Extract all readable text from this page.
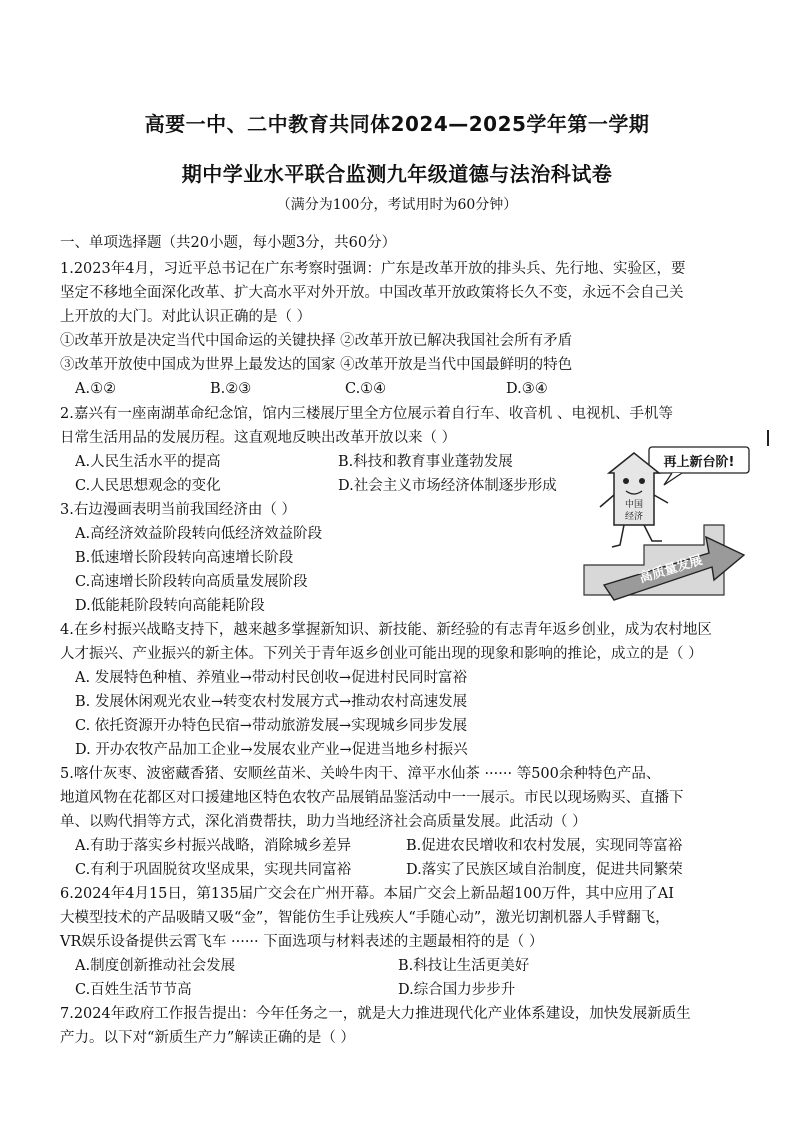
高要一中、二中教育共同体2024—2025学年第一学期
期中学业水平联合监测九年级道德与法治科试卷
（满分为100分，考试用时为60分钟）
一、单项选择题（共20小题，每小题3分，共60分）
1.2023年4月，习近平总书记在广东考察时强调：广东是改革开放的排头兵、先行地、实验区，要
坚定不移地全面深化改革、扩大高水平对外开放。中国改革开放政策将长久不变，永远不会自己关
上开放的大门。对此认识正确的是（ ）
①改革开放是决定当代中国命运的关键抉择 ②改革开放已解决我国社会所有矛盾
③改革开放使中国成为世界上最发达的国家 ④改革开放是当代中国最鲜明的特色
A.①②	B.②③	C.①④	D.③④
2.嘉兴有一座南湖革命纪念馆，馆内三楼展厅里全方位展示着自行车、收音机 、电视机、手机等
日常生活用品的发展历程。这直观地反映出改革开放以来（ ）
A.人民生活水平的提高	B.科技和教育事业蓬勃发展
C.人民思想观念的变化	D.社会主义市场经济体制逐步形成
3.右边漫画表明当前我国经济由（ ）
A.高经济效益阶段转向低经济效益阶段
B.低速增长阶段转向高速增长阶段
C.高速增长阶段转向高质量发展阶段
D.低能耗阶段转向高能耗阶段
再上新台阶!
高质量发展
中国
经济
4.在乡村振兴战略支持下，越来越多掌握新知识、新技能、新经验的有志青年返乡创业，成为农村地区
人才振兴、产业振兴的新主体。下列关于青年返乡创业可能出现的现象和影响的推论，成立的是（ ）
A. 发展特色种植、养殖业→带动村民创收→促进村民同时富裕
B. 发展休闲观光农业→转变农村发展方式→推动农村高速发展
C. 依托资源开办特色民宿→带动旅游发展→实现城乡同步发展
D. 开办农牧产品加工企业→发展农业产业→促进当地乡村振兴
5.喀什灰枣、波密藏香猪、安顺丝苗米、关岭牛肉干、漳平水仙茶 ······ 等500余种特色产品、
地道风物在花都区对口援建地区特色农牧产品展销品鉴活动中一一展示。市民以现场购买、直播下
单、以购代捐等方式，深化消费帮扶，助力当地经济社会高质量发展。此活动（ ）
A.有助于落实乡村振兴战略，消除城乡差异	B.促进农民增收和农村发展，实现同等富裕
C.有利于巩固脱贫攻坚成果，实现共同富裕	D.落实了民族区域自治制度，促进共同繁荣
6.2024年4月15日，第135届广交会在广州开幕。本届广交会上新品超100万件，其中应用了AI
大模型技术的产品吸睛又吸“金”，智能仿生手让残疾人“手随心动”，激光切割机器人手臂翻飞，
VR娱乐设备提供云霄飞车 ······ 下面选项与材料表述的主题最相符的是（ ）
A.制度创新推动社会发展	B.科技让生活更美好
C.百姓生活节节高	D.综合国力步步升
7.2024年政府工作报告提出：今年任务之一，就是大力推进现代化产业体系建设，加快发展新质生
产力。以下对“新质生产力”解读正确的是（ ）
